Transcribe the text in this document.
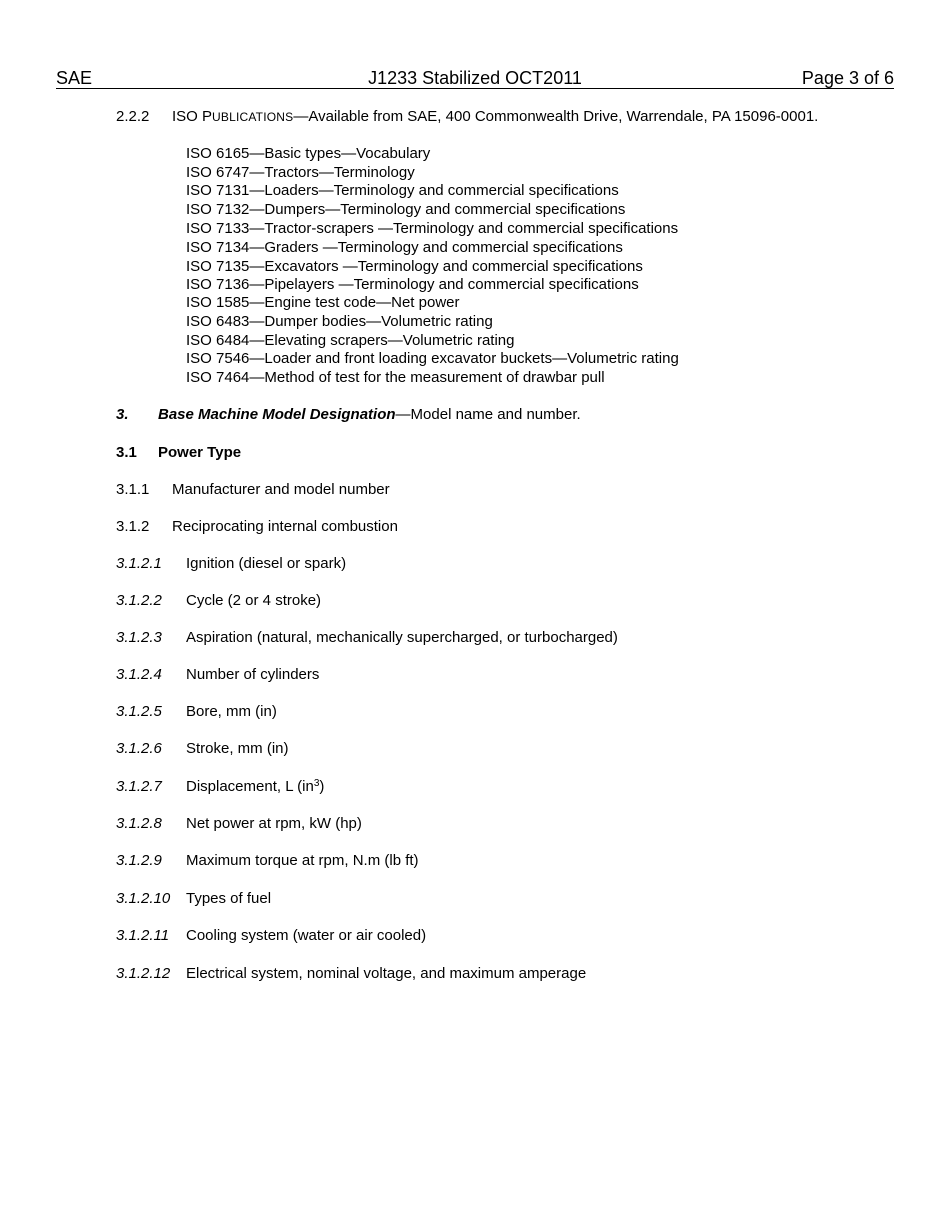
SAE	J1233 Stabilized OCT2011	Page 3 of 6
2.2.2 ISO PUBLICATIONS—Available from SAE, 400 Commonwealth Drive, Warrendale, PA 15096-0001.
ISO 6165—Basic types—Vocabulary
ISO 6747—Tractors—Terminology
ISO 7131—Loaders—Terminology and commercial specifications
ISO 7132—Dumpers—Terminology and commercial specifications
ISO 7133—Tractor-scrapers —Terminology and commercial specifications
ISO 7134—Graders —Terminology and commercial specifications
ISO 7135—Excavators —Terminology and commercial specifications
ISO 7136—Pipelayers —Terminology and commercial specifications
ISO 1585—Engine test code—Net power
ISO 6483—Dumper bodies—Volumetric rating
ISO 6484—Elevating scrapers—Volumetric rating
ISO 7546—Loader and front loading excavator buckets—Volumetric rating
ISO 7464—Method of test for the measurement of drawbar pull
3. Base Machine Model Designation—Model name and number.
3.1 Power Type
3.1.1 Manufacturer and model number
3.1.2 Reciprocating internal combustion
3.1.2.1 Ignition (diesel or spark)
3.1.2.2 Cycle (2 or 4 stroke)
3.1.2.3 Aspiration (natural, mechanically supercharged, or turbocharged)
3.1.2.4 Number of cylinders
3.1.2.5 Bore, mm (in)
3.1.2.6 Stroke, mm (in)
3.1.2.7 Displacement, L $(in^3)$
3.1.2.8 Net power at rpm, kW (hp)
3.1.2.9 Maximum torque at rpm, N.m (lb ft)
3.1.2.10 Types of fuel
3.1.2.11 Cooling system (water or air cooled)
3.1.2.12 Electrical system, nominal voltage, and maximum amperage
